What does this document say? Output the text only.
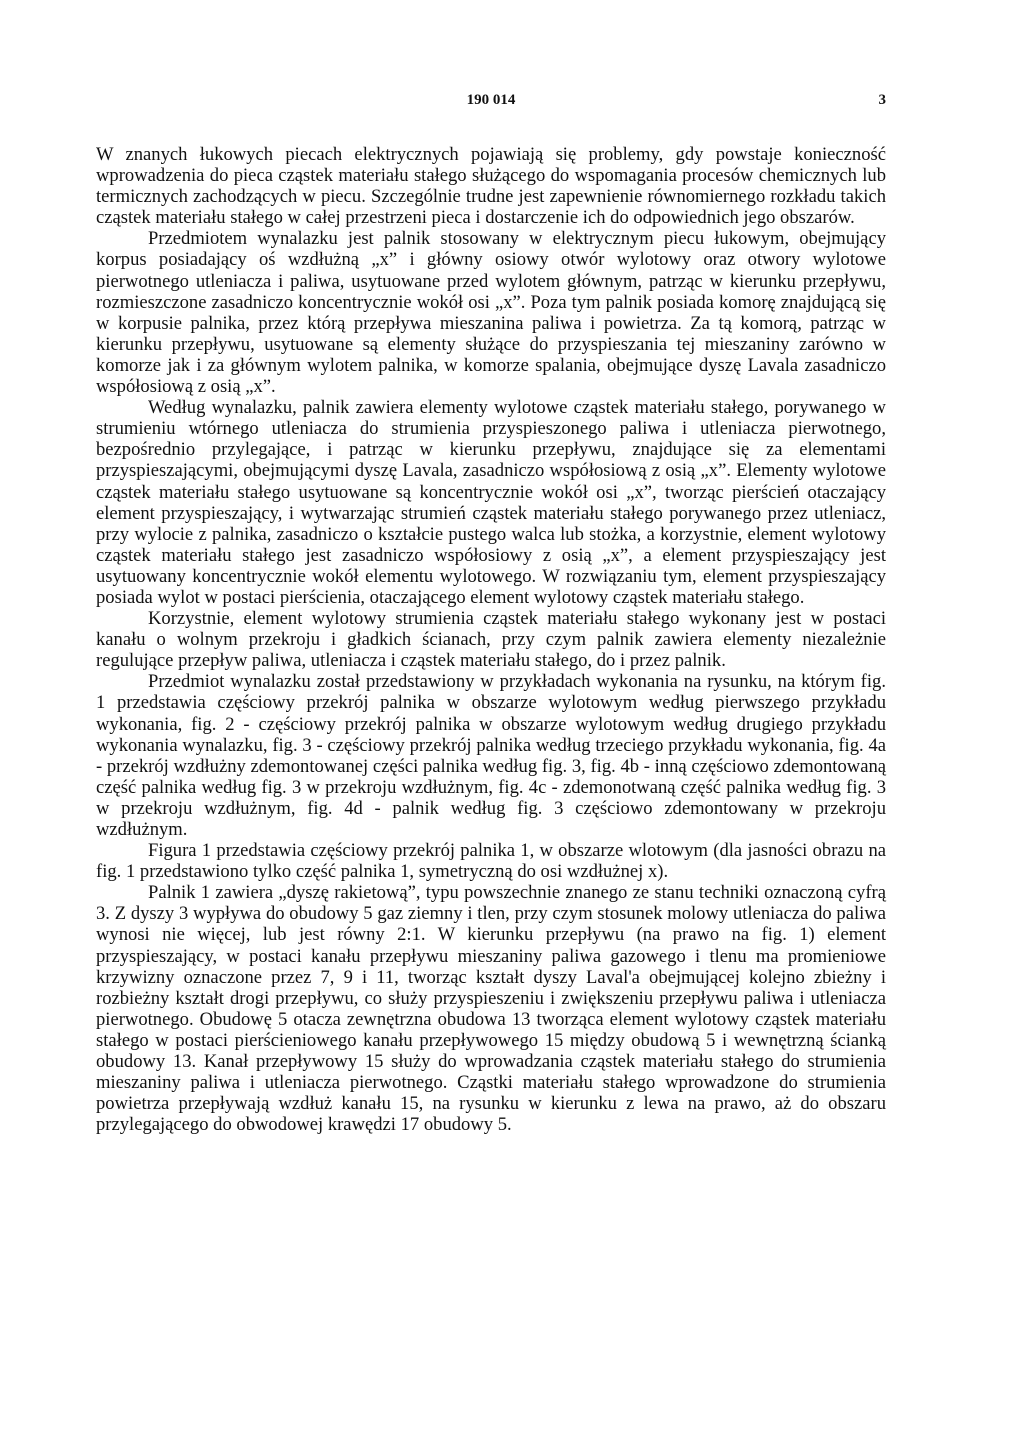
190 014	3

W znanych łukowych piecach elektrycznych pojawiają się problemy, gdy powstaje konieczność wprowadzenia do pieca cząstek materiału stałego służącego do wspomagania procesów chemicznych lub termicznych zachodzących w piecu. Szczególnie trudne jest zapewnienie równomiernego rozkładu takich cząstek materiału stałego w całej przestrzeni pieca i dostarczenie ich do odpowiednich jego obszarów.

Przedmiotem wynalazku jest palnik stosowany w elektrycznym piecu łukowym, obejmujący korpus posiadający oś wzdłużną „x” i główny osiowy otwór wylotowy oraz otwory wylotowe pierwotnego utleniacza i paliwa, usytuowane przed wylotem głównym, patrząc w kierunku przepływu, rozmieszczone zasadniczo koncentrycznie wokół osi „x”. Poza tym palnik posiada komorę znajdującą się w korpusie palnika, przez którą przepływa mieszanina paliwa i powietrza. Za tą komorą, patrząc w kierunku przepływu, usytuowane są elementy służące do przyspieszania tej mieszaniny zarówno w komorze jak i za głównym wylotem palnika, w komorze spalania, obejmujące dyszę Lavala zasadniczo współosiową z osią „x”.

Według wynalazku, palnik zawiera elementy wylotowe cząstek materiału stałego, porywanego w strumieniu wtórnego utleniacza do strumienia przyspieszonego paliwa i utleniacza pierwotnego, bezpośrednio przylegające, i patrząc w kierunku przepływu, znajdujące się za elementami przyspieszającymi, obejmującymi dyszę Lavala, zasadniczo współosiową z osią „x”. Elementy wylotowe cząstek materiału stałego usytuowane są koncentrycznie wokół osi „x”, tworząc pierścień otaczający element przyspieszający, i wytwarzając strumień cząstek materiału stałego porywanego przez utleniacz, przy wylocie z palnika, zasadniczo o kształcie pustego walca lub stożka, a korzystnie, element wylotowy cząstek materiału stałego jest zasadniczo współosiowy z osią „x”, a element przyspieszający jest usytuowany koncentrycznie wokół elementu wylotowego. W rozwiązaniu tym, element przyspieszający posiada wylot w postaci pierścienia, otaczającego element wylotowy cząstek materiału stałego.

Korzystnie, element wylotowy strumienia cząstek materiału stałego wykonany jest w postaci kanału o wolnym przekroju i gładkich ścianach, przy czym palnik zawiera elementy niezależnie regulujące przepływ paliwa, utleniacza i cząstek materiału stałego, do i przez palnik.

Przedmiot wynalazku został przedstawiony w przykładach wykonania na rysunku, na którym fig. 1 przedstawia częściowy przekrój palnika w obszarze wylotowym według pierwszego przykładu wykonania, fig. 2 - częściowy przekrój palnika w obszarze wylotowym według drugiego przykładu wykonania wynalazku, fig. 3 - częściowy przekrój palnika według trzeciego przykładu wykonania, fig. 4a - przekrój wzdłużny zdemontowanej części palnika według fig. 3, fig. 4b - inną częściowo zdemontowaną część palnika według fig. 3 w przekroju wzdłużnym, fig. 4c - zdemonotwaną część palnika według fig. 3 w przekroju wzdłużnym, fig. 4d - palnik według fig. 3 częściowo zdemontowany w przekroju wzdłużnym.

Figura 1 przedstawia częściowy przekrój palnika 1, w obszarze wlotowym (dla jasności obrazu na fig. 1 przedstawiono tylko część palnika 1, symetryczną do osi wzdłużnej x).

Palnik 1 zawiera „dyszę rakietową”, typu powszechnie znanego ze stanu techniki oznaczoną cyfrą 3. Z dyszy 3 wypływa do obudowy 5 gaz ziemny i tlen, przy czym stosunek molowy utleniacza do paliwa wynosi nie więcej, lub jest równy 2:1. W kierunku przepływu (na prawo na fig. 1) element przyspieszający, w postaci kanału przepływu mieszaniny paliwa gazowego i tlenu ma promieniowe krzywizny oznaczone przez 7, 9 i 11, tworząc kształt dyszy Laval'a obejmującej kolejno zbieżny i rozbieżny kształt drogi przepływu, co służy przyspieszeniu i zwiększeniu przepływu paliwa i utleniacza pierwotnego. Obudowę 5 otacza zewnętrzna obudowa 13 tworząca element wylotowy cząstek materiału stałego w postaci pierścieniowego kanału przepływowego 15 między obudową 5 i wewnętrzną ścianką obudowy 13. Kanał przepływowy 15 służy do wprowadzania cząstek materiału stałego do strumienia mieszaniny paliwa i utleniacza pierwotnego. Cząstki materiału stałego wprowadzone do strumienia powietrza przepływają wzdłuż kanału 15, na rysunku w kierunku z lewa na prawo, aż do obszaru przylegającego do obwodowej krawędzi 17 obudowy 5.
